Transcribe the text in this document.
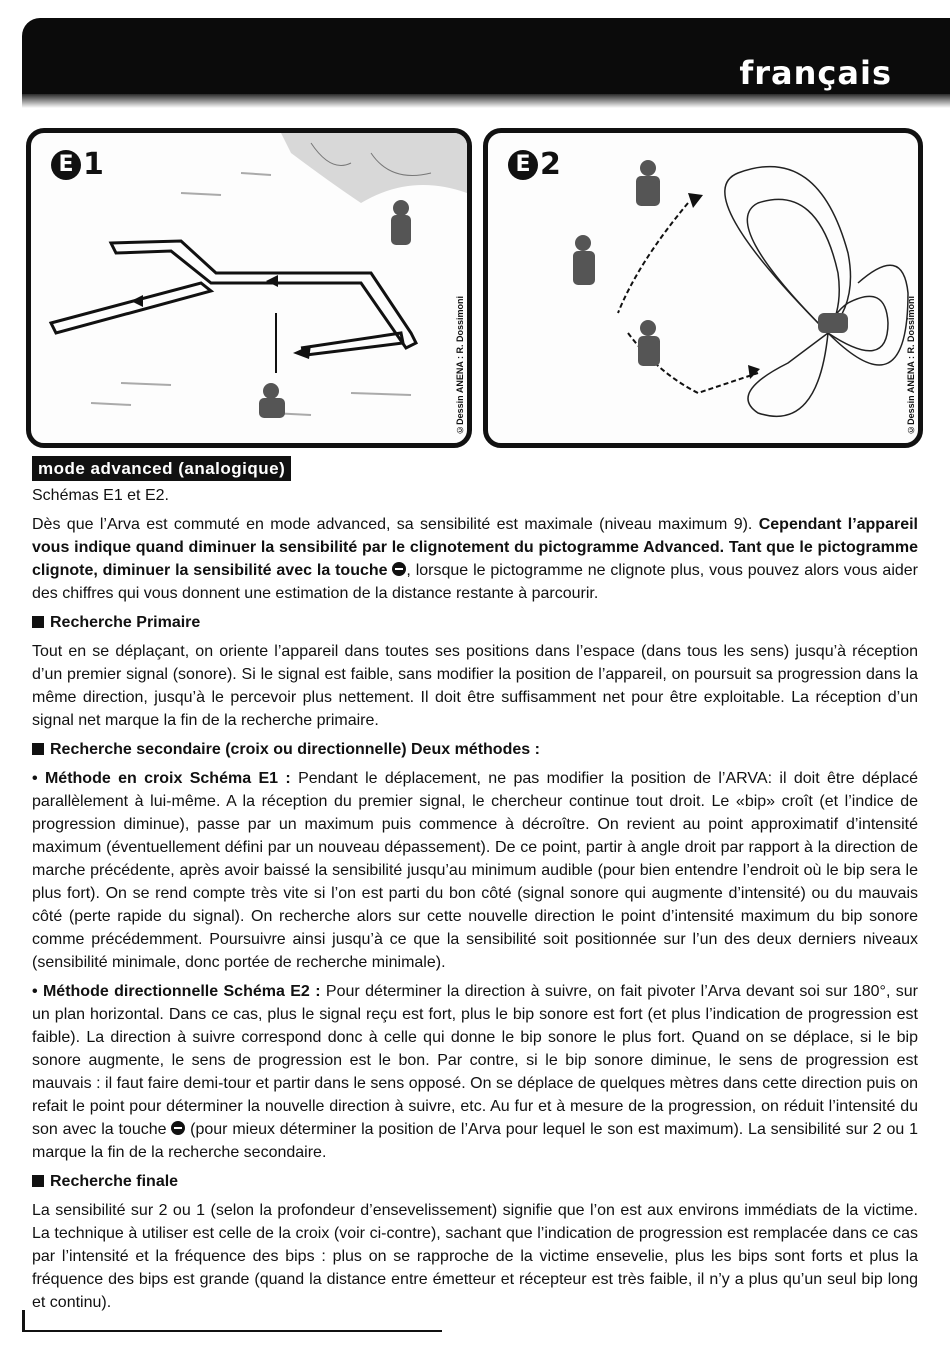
français
E 1
©Dessin ANENA : R. Dossimoni
E 2
©Dessin ANENA : R. Dossimoni
mode advanced (analogique)

Schémas E1 et E2.

Dès que l’Arva est commuté en mode advanced, sa sensibilité est maximale (niveau maximum 9). Cependant l’appareil vous indique quand diminuer la sensibilité par le clignotement du pictogramme Advanced. Tant que le pictogramme clignote, diminuer la sensibilité avec la touche , lorsque le pictogramme ne clignote plus, vous pouvez alors vous aider des chiffres qui vous donnent une estimation de la distance restante à parcourir.

Recherche Primaire

Tout en se déplaçant, on oriente l’appareil dans toutes ses positions dans l’espace (dans tous les sens) jusqu’à réception d’un premier signal (sonore). Si le signal est faible, sans modifier la position de l’appareil, on poursuit sa progression dans la même direction, jusqu’à le percevoir plus nettement. Il doit être suffisamment net pour être exploitable. La réception d’un signal net marque la fin de la recherche primaire.

Recherche secondaire (croix ou directionnelle) Deux méthodes :

• Méthode en croix Schéma E1 : Pendant le déplacement, ne pas modifier la position de l’ARVA: il doit être déplacé parallèlement à lui-même. A la réception du premier signal, le chercheur continue tout droit. Le «bip» croît (et l’indice de progression diminue), passe par un maximum puis commence à décroître. On revient au point approximatif d’intensité maximum (éventuellement défini par un nouveau dépassement). De ce point, partir à angle droit par rapport à la direction de marche précédente, après avoir baissé la sensibilité jusqu’au minimum audible (pour bien entendre l’endroit où le bip sera le plus fort). On se rend compte très vite si l’on est parti du bon côté (signal sonore qui augmente d’intensité) ou du mauvais côté (perte rapide du signal). On recherche alors sur cette nouvelle direction le point d’intensité maximum du bip sonore comme précédemment. Poursuivre ainsi jusqu’à ce que la sensibilité soit positionnée sur l’un des deux derniers niveaux (sensibilité minimale, donc portée de recherche minimale).

• Méthode directionnelle Schéma E2 : Pour déterminer la direction à suivre, on fait pivoter l’Arva devant soi sur 180°, sur un plan horizontal. Dans ce cas, plus le signal reçu est fort, plus le bip sonore est fort (et plus l’indication de progression est faible). La direction à suivre correspond donc à celle qui donne le bip sonore le plus fort. Quand on se déplace, si le bip sonore augmente, le sens de progression est le bon. Par contre, si le bip sonore diminue, le sens de progression est mauvais : il faut faire demi-tour et partir dans le sens opposé. On se déplace de quelques mètres dans cette direction puis on refait le point pour déterminer la nouvelle direction à suivre, etc. Au fur et à mesure de la progression, on réduit l’intensité du son avec la touche  (pour mieux déterminer la position de l’Arva pour lequel le son est maximum). La sensibilité sur 2 ou 1 marque la fin de la recherche secondaire.

Recherche finale

La sensibilité sur 2 ou 1 (selon la profondeur d’ensevelissement) signifie que l’on est aux environs immédiats de la victime. La technique à utiliser est celle de la croix (voir ci-contre), sachant que l’indication de progression est remplacée dans ce cas par l’intensité et la fréquence des bips : plus on se rapproche de la victime ensevelie, plus les bips sont forts et plus la fréquence des bips est grande (quand la distance entre émetteur et récepteur est très faible, il n’y a plus qu’un seul bip long et continu).
